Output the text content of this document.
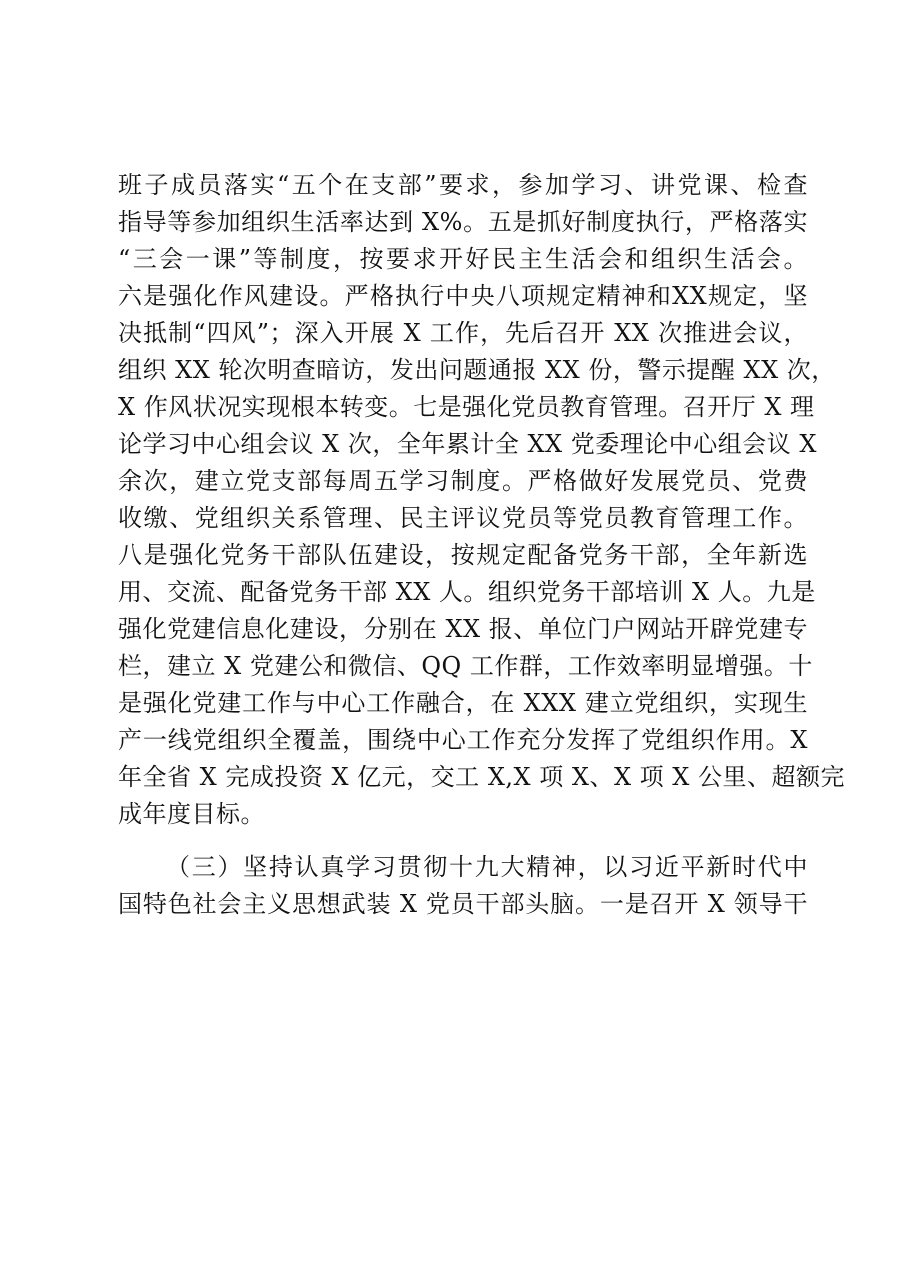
班子成员落实“五个在支部”要求，参加学习、讲党课、检查
指导等参加组织生活率达到 X%。五是抓好制度执行，严格落实
“三会一课”等制度，按要求开好民主生活会和组织生活会。
六是强化作风建设。严格执行中央八项规定精神和XX规定，坚
决抵制“四风”；深入开展 X 工作，先后召开 XX 次推进会议，
组织 XX 轮次明查暗访，发出问题通报 XX 份，警示提醒 XX 次，
X 作风状况实现根本转变。七是强化党员教育管理。召开厅 X 理
论学习中心组会议 X 次，全年累计全 XX 党委理论中心组会议 X
余次，建立党支部每周五学习制度。严格做好发展党员、党费
收缴、党组织关系管理、民主评议党员等党员教育管理工作。
八是强化党务干部队伍建设，按规定配备党务干部，全年新选
用、交流、配备党务干部 XX 人。组织党务干部培训 X 人。九是
强化党建信息化建设，分别在 XX 报、单位门户网站开辟党建专
栏，建立 X 党建公和微信、QQ 工作群，工作效率明显增强。十
是强化党建工作与中心工作融合，在 XXX 建立党组织，实现生
产一线党组织全覆盖，围绕中心工作充分发挥了党组织作用。X
年全省 X 完成投资 X 亿元，交工 X,X 项 X、X 项 X 公里、超额完
成年度目标。
（三）坚持认真学习贯彻十九大精神，以习近平新时代中
国特色社会主义思想武装 X 党员干部头脑。一是召开 X 领导干
